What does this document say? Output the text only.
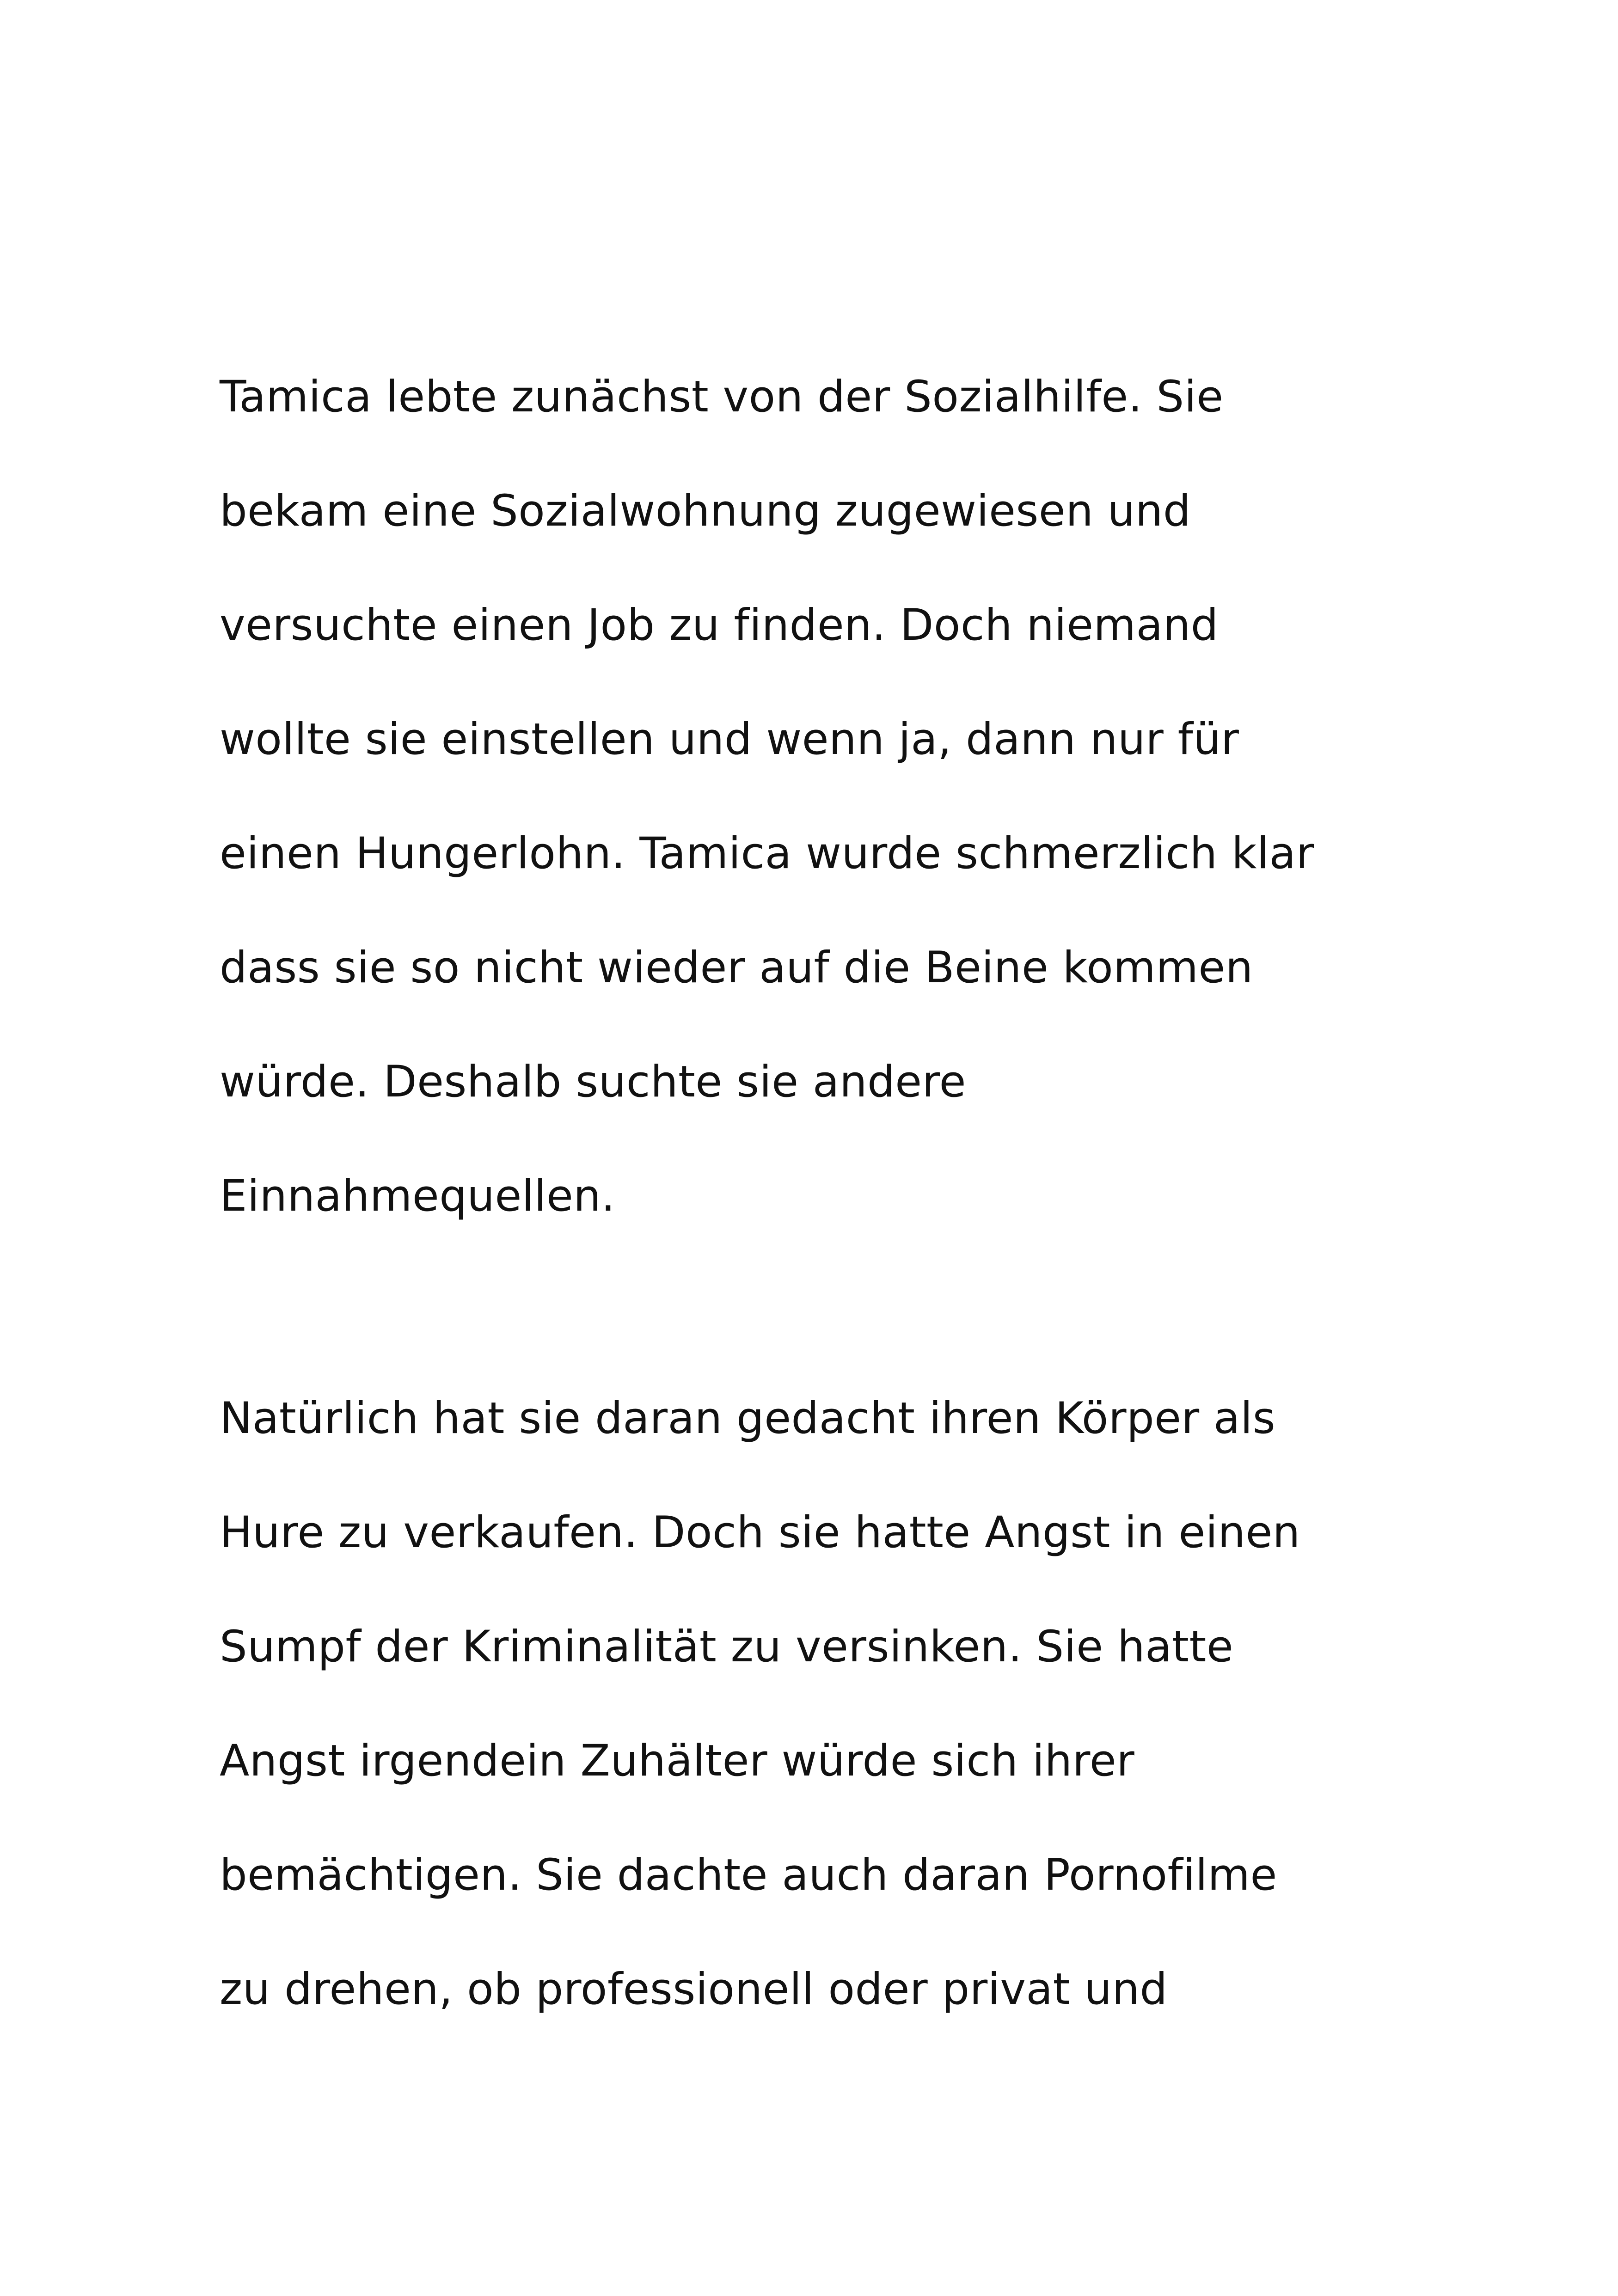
Tamica lebte zunächst von der Sozialhilfe. Sie
bekam eine Sozialwohnung zugewiesen und
versuchte einen Job zu finden. Doch niemand
wollte sie einstellen und wenn ja, dann nur für
einen Hungerlohn. Tamica wurde schmerzlich klar
dass sie so nicht wieder auf die Beine kommen
würde. Deshalb suchte sie andere
Einnahmequellen.
Natürlich hat sie daran gedacht ihren Körper als
Hure zu verkaufen. Doch sie hatte Angst in einen
Sumpf der Kriminalität zu versinken. Sie hatte
Angst irgendein Zuhälter würde sich ihrer
bemächtigen. Sie dachte auch daran Pornofilme
zu drehen, ob professionell oder privat und
